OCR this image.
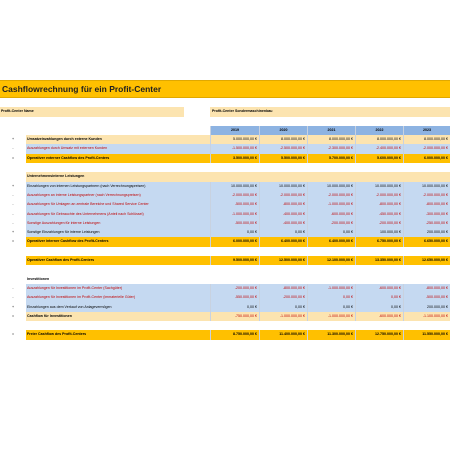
Cashflowrechnung für ein Profit-Center
Profit-Center Name	Profit-Center Sondermaschinenbau
2019	2020	2021	2022	2023
+	Umsatzeinzahlungen durch externe Kunden	5.000.000,00 €	8.000.000,00 €	8.000.000,00 €	8.000.000,00 €	8.000.000,00 €
-	Auszahlungen durch Umsatz mit externen Kunden	-1.500.000,00 €	-2.500.000,00 €	-2.300.000,00 €	-2.400.000,00 €	-2.000.000,00 €
=	Operativer externer Cashflow des Profit-Centers	3.500.000,00 €	5.500.000,00 €	5.700.000,00 €	5.600.000,00 €	6.000.000,00 €
Unternehmensinterne Leistungen
+	Einzahlungen von internen Leistungspartnern (nach Verrechnungspreisen)	10.000.000,00 €	10.000.000,00 €	10.000.000,00 €	10.000.000,00 €	10.000.000,00 €
-	Auszahlungen an interne Leistungspartner (nach Verrechnungspreisen)	-2.000.000,00 €	-2.000.000,00 €	-2.000.000,00 €	-2.000.000,00 €	-2.000.000,00 €
-	Auszahlungen für Umlagen an zentrale Bereiche und Shared Service Center	-500.000,00 €	-800.000,00 €	-1.000.000,00 €	-800.000,00 €	-800.000,00 €
-	Auszahlungen für Gebrauchte des Unternehmens (Anteil nach Schlüssel)	-1.000.000,00 €	-400.000,00 €	-600.000,00 €	-450.000,00 €	-300.000,00 €
-	Sonstige Auszahlungen für interne Leistungen	-500.000,00 €	-400.000,00 €	-200.000,00 €	-200.000,00 €	-250.000,00 €
+	Sonstige Einzahlungen für interne Leistungen	0,00 €	0,00 €	0,00 €	100.000,00 €	200.000,00 €
=	Operativer interner Cashflow des Profit-Centers	6.000.000,00 €	6.400.000,00 €	6.400.000,00 €	6.750.000,00 €	6.650.000,00 €
Operativer Cashflow des Profit-Centers	9.500.000,00 €	12.500.000,00 €	12.100.000,00 €	13.350.000,00 €	12.650.000,00 €
Investitionen
-	Auszahlungen für Investitionen im Profit-Center (Sachgüter)	-200.000,00 €	-800.000,00 €	-1.000.000,00 €	-600.000,00 €	-800.000,00 €
-	Auszahlungen für Investitionen im Profit-Center (immaterielle Güter)	-550.000,00 €	-200.000,00 €	0,00 €	0,00 €	-500.000,00 €
+	Einzahlungen aus dem Verkauf von Anlagevermögen	0,00 €	0,00 €	0,00 €	0,00 €	200.000,00 €
=	Cashflow für Investitionen	-750.000,00 €	-1.000.000,00 €	-1.000.000,00 €	-600.000,00 €	-1.100.000,00 €
=	Freier Cashflow des Profit-Centers	8.750.000,00 €	11.400.000,00 €	11.300.000,00 €	12.750.000,00 €	11.550.000,00 €
